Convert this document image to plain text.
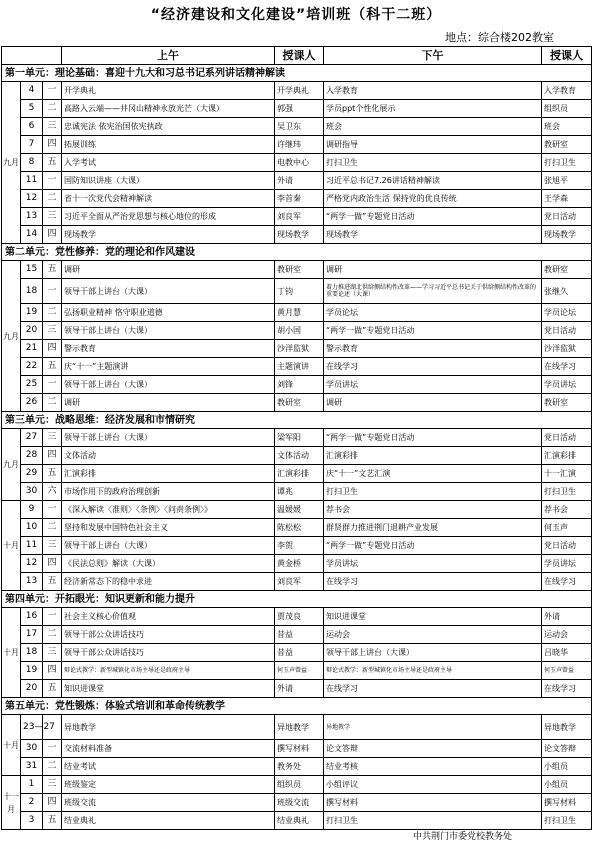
“经济建设和文化建设”培训班（科干二班）
地点：综合楼202教室
			上午	授课人	下午	授课人
第一单元：理论基础：喜迎十九大和习总书记系列讲话精神解读						
九月	4	一	开学典礼	开学典礼	入学教育	入学教育
	5	二	高路入云端——井冈山精神永放光芒（大课）	郭强	学员ppt个性化展示	组织员
	6	三	忠诚宪法 依宪治国依宪执政	吴卫东	班会	班会
	7	四	拓展训练	许继玮	调研指导	教研室
	8	五	入学考试	电教中心	打扫卫生	打扫卫生
	11	一	国防知识讲座（大课）	外请	习近平总书记7.26讲话精神解读	张旭平
	12	二	省十一次党代会精神解读	李首秦	严格党内政治生活 保持党的优良传统	王学森
	13	三	习近平全面从严治党思想与核心地位的形成	刘良军	“两学一做”专题党日活动	党日活动
	14	四	现场教学	现场教学	现场教学	现场教学
第二单元：党性修养：党的理论和作风建设						
九月	15	五	调研	教研室	调研	教研室
	18	一	领导干部上讲台（大课）	丁钧	着力推进湖北供给侧结构性改革——学习习近平总书记关于供给侧结构性改革的重要论述（大课）	张继久
	19	二	弘扬职业精神 恪守职业道德	黄月慧	学员论坛	学员论坛
	20	三	领导干部上讲台（大课）	胡小国	“两学一做”专题党日活动	党日活动
	21	四	警示教育	沙洋监狱	警示教育	沙洋监狱
	22	五	庆“十一”主题演讲	主题演讲	在线学习	在线学习
	25	一	领导干部上讲台（大课）	刘锋	学员讲坛	学员讲坛
	26	二	调研	教研室	调研	教研室
第三单元：战略思维：经济发展和市情研究						
九月	27	三	领导干部上讲台（大课）	梁军阳	“两学一做”专题党日活动	党日活动
	28	四	文体活动	文体活动	汇演彩排	汇演彩排
	29	五	汇演彩排	汇演彩排	庆“十一”文艺汇演	十一汇演
	30	六	市场作用下的政府治理创新	谭兆	打扫卫生	打扫卫生
十月	9	一	《深入解读〈准则〉〈条例〉〈问责条例〉》	温媛媛	荐书会	荐书会
	10	二	坚持和发展中国特色社会主义	陈松松	群贤群力推进荆门退耕产业发展	何玉声
	11	三	领导干部上讲台（大课）	李贺	“两学一做”专题党日活动	党日活动
	12	四	《民法总则》解读（大课）	黄金桥	学员讲坛	学员讲坛
	13	五	经济新常态下的稳中求进	刘良军	在线学习	在线学习
第四单元：开拓眼光：知识更新和能力提升						
十月	16	一	社会主义核心价值观	贾茂良	知识进课堂	外请
	17	二	领导干部公众讲话技巧	昔益	运动会	运动会
	18	三	领导干部公众讲话技巧	昔益	领导干部上讲台（大课）	吕晓华
	19	四	辩论式教学：新型城镇化市场主导还是政府主导	何玉声曾益	辩论式教学：新型城镇化市场主导还是政府主导	何玉声曾益
	20	五	知识进课堂	外请	在线学习	在线学习
第五单元：党性锻炼：体验式培训和革命传统教学						
十月	23—27		异地教学	异地教学	异地教学	异地教学
	30	一	交流材料准备	撰写材料	论文答辩	论文答辩
	31	二	结业考试	教务处	结业考核	小组员
十一月	1	三	班级鉴定	组织员	小组评议	小组员
	2	四	班级交流	班级交流	撰写材料	撰写材料
	3	五	结业典礼	结业典礼	打扫卫生	打扫卫生
中共荆门市委党校教务处
